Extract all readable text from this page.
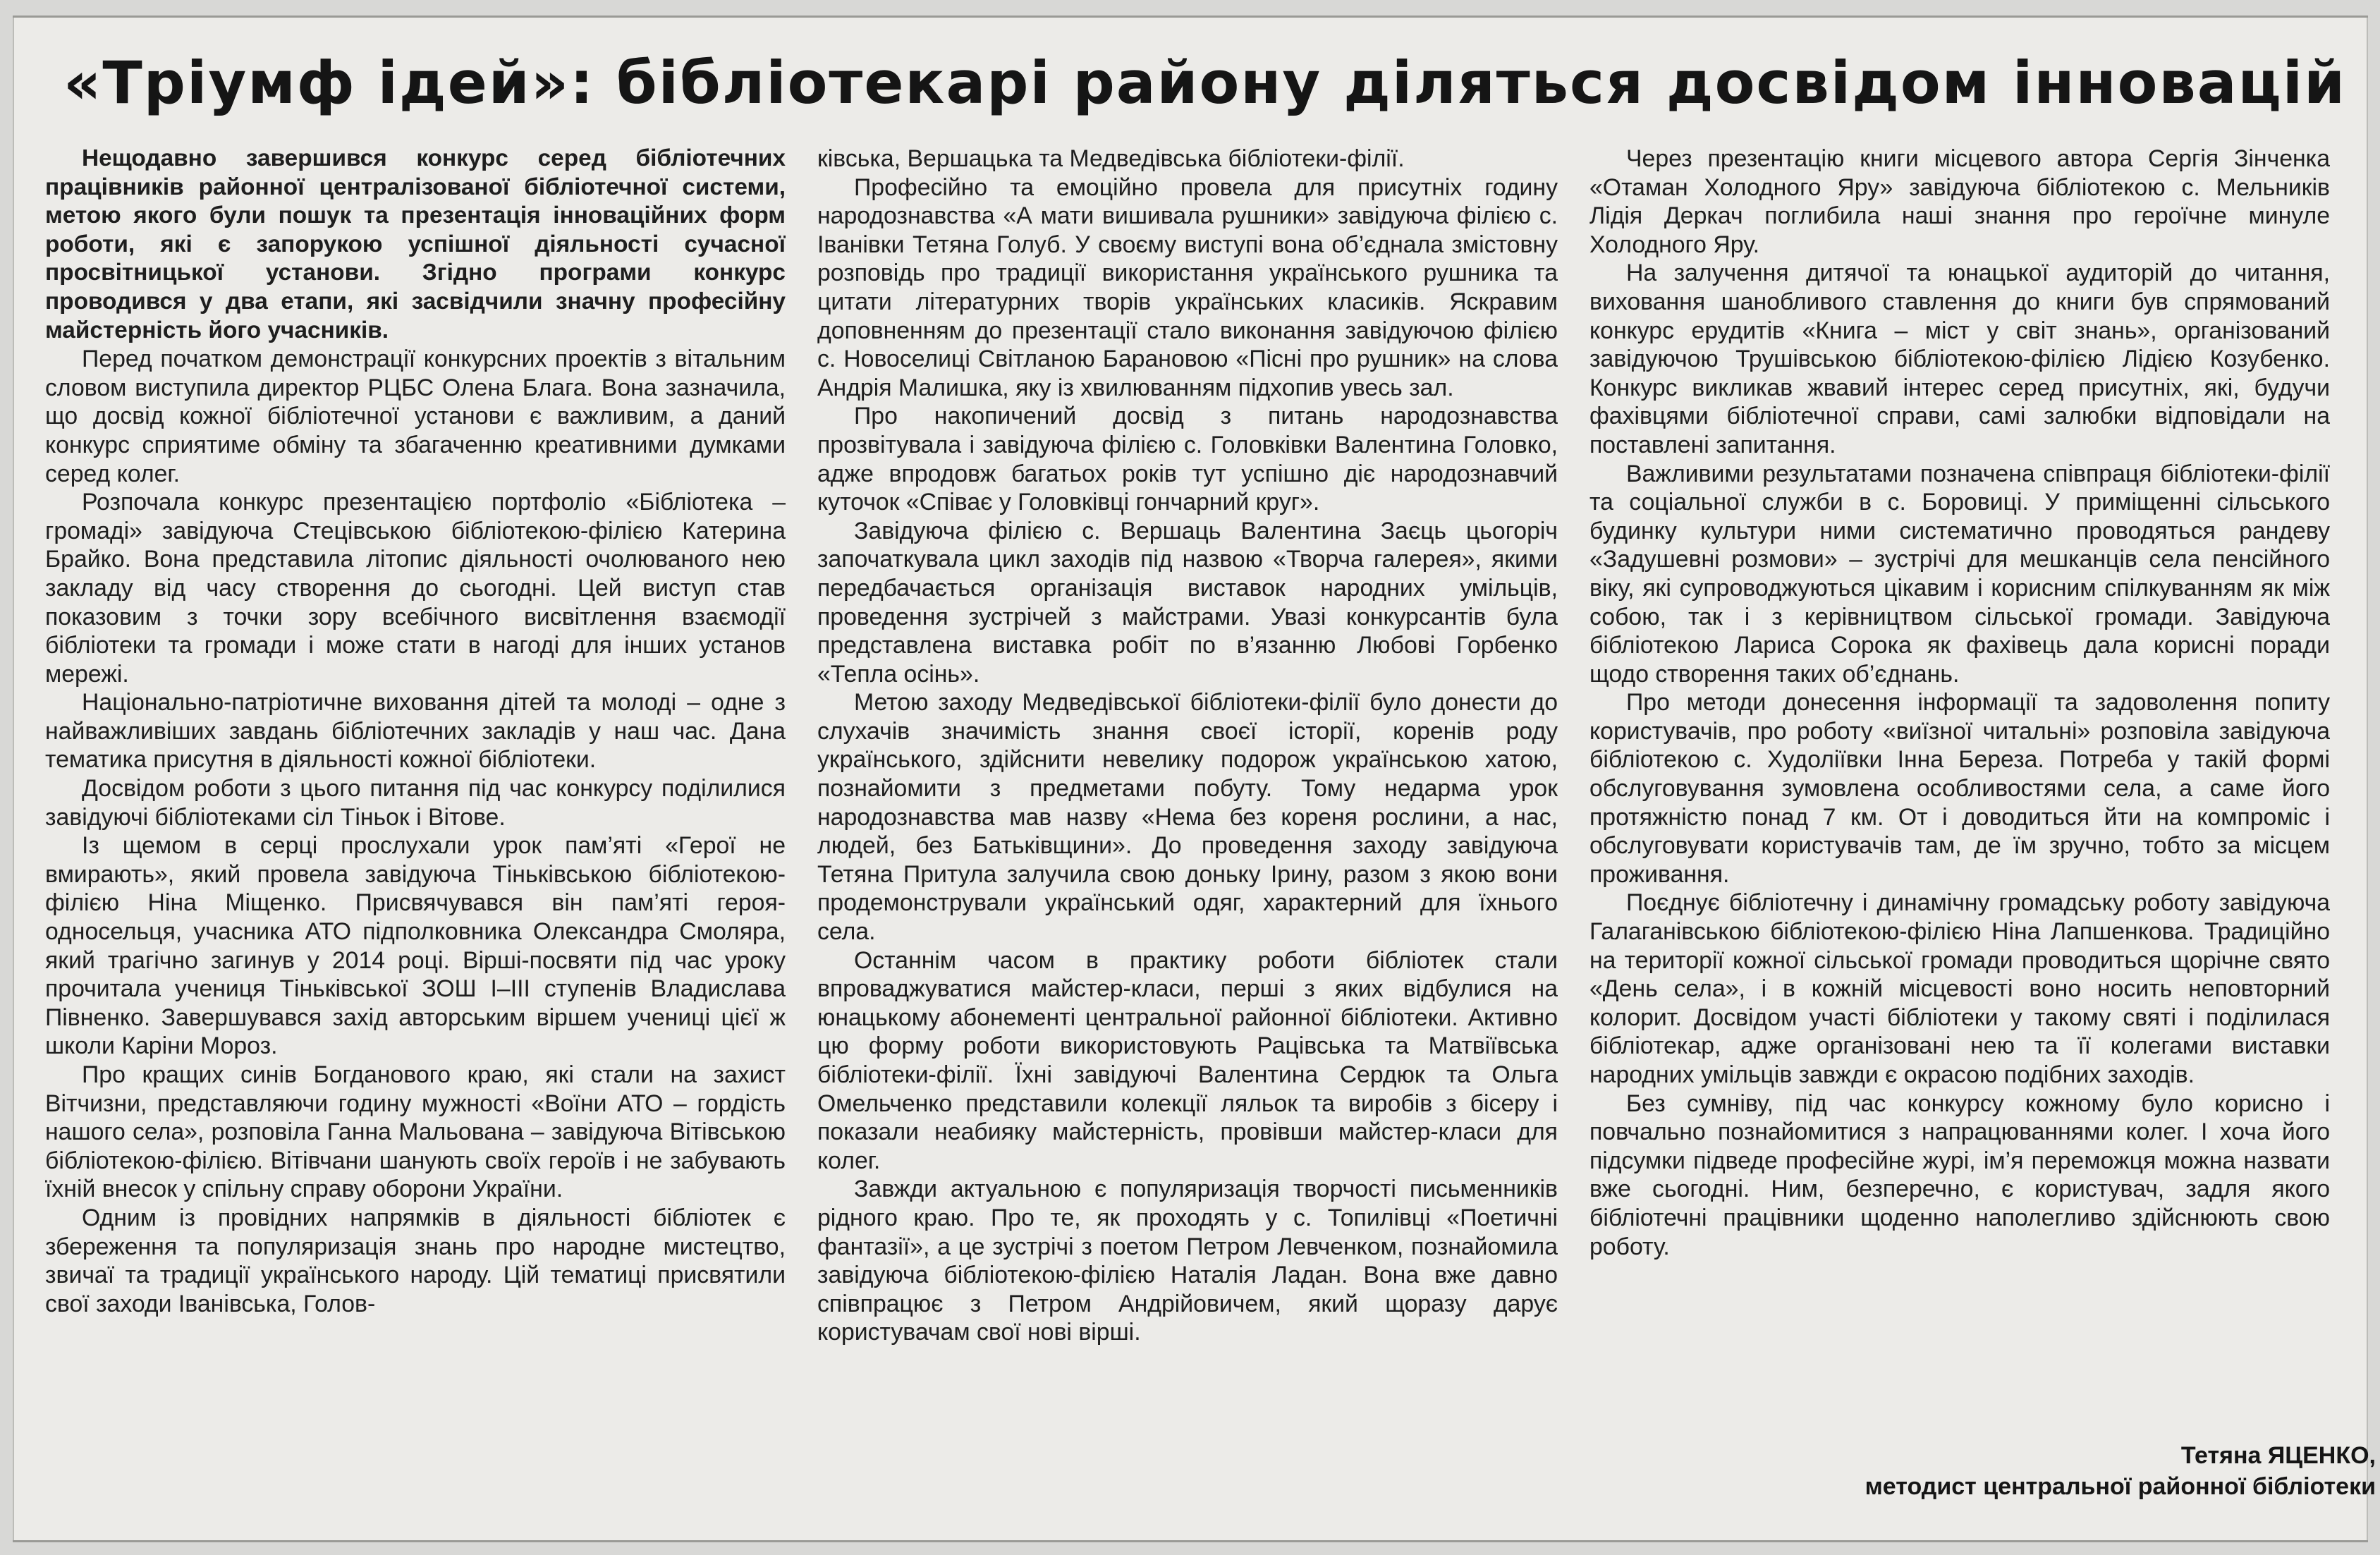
«Тріумф ідей»: бібліотекарі району діляться досвідом інновацій

Нещодавно завершився конкурс серед бібліотечних працівників районної централізованої бібліотечної системи, метою якого були пошук та презентація інноваційних форм роботи, які є запорукою успішної діяльності сучасної просвітницької установи. Згідно програми конкурс проводився у два етапи, які засвідчили значну професійну майстерність його учасників.

Перед початком демонстрації конкурсних проектів з вітальним словом виступила директор РЦБС Олена Блага. Вона зазначила, що досвід кожної бібліотечної установи є важливим, а даний конкурс сприятиме обміну та збагаченню креативними думками серед колег.

Розпочала конкурс презентацією портфоліо «Бібліотека – громаді» завідуюча Стецівською бібліотекою-філією Катерина Брайко. Вона представила літопис діяльності очолюваного нею закладу від часу створення до сьогодні. Цей виступ став показовим з точки зору всебічного висвітлення взаємодії бібліотеки та громади і може стати в нагоді для інших установ мережі.

Національно-патріотичне виховання дітей та молоді – одне з найважливіших завдань бібліотечних закладів у наш час. Дана тематика присутня в діяльності кожної бібліотеки.

Досвідом роботи з цього питання під час конкурсу поділилися завідуючі бібліотеками сіл Тіньок і Вітове.

Із щемом в серці прослухали урок пам’яті «Герої не вмирають», який провела завідуюча Тіньківською бібліотекою-філією Ніна Міщенко. Присвячувався він пам’яті героя-односельця, учасника АТО підполковника Олександра Смоляра, який трагічно загинув у 2014 році. Вірші-посвяти під час уроку прочитала учениця Тіньківської ЗОШ І–ІІІ ступенів Владислава Півненко. Завершувався захід авторським віршем учениці цієї ж школи Каріни Мороз.

Про кращих синів Богданового краю, які стали на захист Вітчизни, представляючи годину мужності «Воїни АТО – гордість нашого села», розповіла Ганна Мальована – завідуюча Вітівською бібліотекою-філією. Вітівчани шанують своїх героїв і не забувають їхній внесок у спільну справу оборони України.

Одним із провідних напрямків в діяльності бібліотек є збереження та популяризація знань про народне мистецтво, звичаї та традиції українського народу. Цій тематиці присвятили свої заходи Іванівська, Голов-

ківська, Вершацька та Медведівська бібліотеки-філії.

Професійно та емоційно провела для присутніх годину народознавства «А мати вишивала рушники» завідуюча філією с. Іванівки Тетяна Голуб. У своєму виступі вона об’єднала змістовну розповідь про традиції використання українського рушника та цитати літературних творів українських класиків. Яскравим доповненням до презентації стало виконання завідуючою філією с. Новоселиці Світланою Барановою «Пісні про рушник» на слова Андрія Малишка, яку із хвилюванням підхопив увесь зал.

Про накопичений досвід з питань народознавства прозвітувала і завідуюча філією с. Головківки Валентина Головко, адже впродовж багатьох років тут успішно діє народознавчий куточок «Співає у Головківці гончарний круг».

Завідуюча філією с. Вершаць Валентина Заєць цьогоріч започаткувала цикл заходів під назвою «Творча галерея», якими передбачається організація виставок народних умільців, проведення зустрічей з майстрами. Увазі конкурсантів була представлена виставка робіт по в’язанню Любові Горбенко «Тепла осінь».

Метою заходу Медведівської бібліотеки-філії було донести до слухачів значимість знання своєї історії, коренів роду українського, здійснити невелику подорож українською хатою, познайомити з предметами побуту. Тому недарма урок народознавства мав назву «Нема без кореня рослини, а нас, людей, без Батьківщини». До проведення заходу завідуюча Тетяна Притула залучила свою доньку Ірину, разом з якою вони продемонстрували український одяг, характерний для їхнього села.

Останнім часом в практику роботи бібліотек стали впроваджуватися майстер-класи, перші з яких відбулися на юнацькому абонементі центральної районної бібліотеки. Активно цю форму роботи використовують Рацівська та Матвіївська бібліотеки-філії. Їхні завідуючі Валентина Сердюк та Ольга Омельченко представили колекції ляльок та виробів з бісеру і показали неабияку майстерність, провівши майстер-класи для колег.

Завжди актуальною є популяризація творчості письменників рідного краю. Про те, як проходять у с. Топилівці «Поетичні фантазії», а це зустрічі з поетом Петром Левченком, познайомила завідуюча бібліотекою-філією Наталія Ладан. Вона вже давно співпрацює з Петром Андрійовичем, який щоразу дарує користувачам свої нові вірші.

Через презентацію книги місцевого автора Сергія Зінченка «Отаман Холодного Яру» завідуюча бібліотекою с. Мельників Лідія Деркач поглибила наші знання про героїчне минуле Холодного Яру.

На залучення дитячої та юнацької аудиторій до читання, виховання шанобливого ставлення до книги був спрямований конкурс ерудитів «Книга – міст у світ знань», організований завідуючою Трушівською бібліотекою-філією Лідією Козубенко. Конкурс викликав жвавий інтерес серед присутніх, які, будучи фахівцями бібліотечної справи, самі залюбки відповідали на поставлені запитання.

Важливими результатами позначена співпраця бібліотеки-філії та соціальної служби в с. Боровиці. У приміщенні сільського будинку культури ними систематично проводяться рандеву «Задушевні розмови» – зустрічі для мешканців села пенсійного віку, які супроводжуються цікавим і корисним спілкуванням як між собою, так і з керівництвом сільської громади. Завідуюча бібліотекою Лариса Сорока як фахівець дала корисні поради щодо створення таких об’єднань.

Про методи донесення інформації та задоволення попиту користувачів, про роботу «виїзної читальні» розповіла завідуюча бібліотекою с. Худоліївки Інна Береза. Потреба у такій формі обслуговування зумовлена особливостями села, а саме його протяжністю понад 7 км. От і доводиться йти на компроміс і обслуговувати користувачів там, де їм зручно, тобто за місцем проживання.

Поєднує бібліотечну і динамічну громадську роботу завідуюча Галаганівською бібліотекою-філією Ніна Лапшенкова. Традиційно на території кожної сільської громади проводиться щорічне свято «День села», і в кожній місцевості воно носить неповторний колорит. Досвідом участі бібліотеки у такому святі і поділилася бібліотекар, адже організовані нею та її колегами виставки народних умільців завжди є окрасою подібних заходів.

Без сумніву, під час конкурсу кожному було корисно і повчально познайомитися з напрацюваннями колег. І хоча його підсумки підведе професійне журі, ім’я переможця можна назвати вже сьогодні. Ним, безперечно, є користувач, задля якого бібліотечні працівники щоденно наполегливо здійснюють свою роботу.

Тетяна ЯЦЕНКО,
методист центральної районної бібліотеки
